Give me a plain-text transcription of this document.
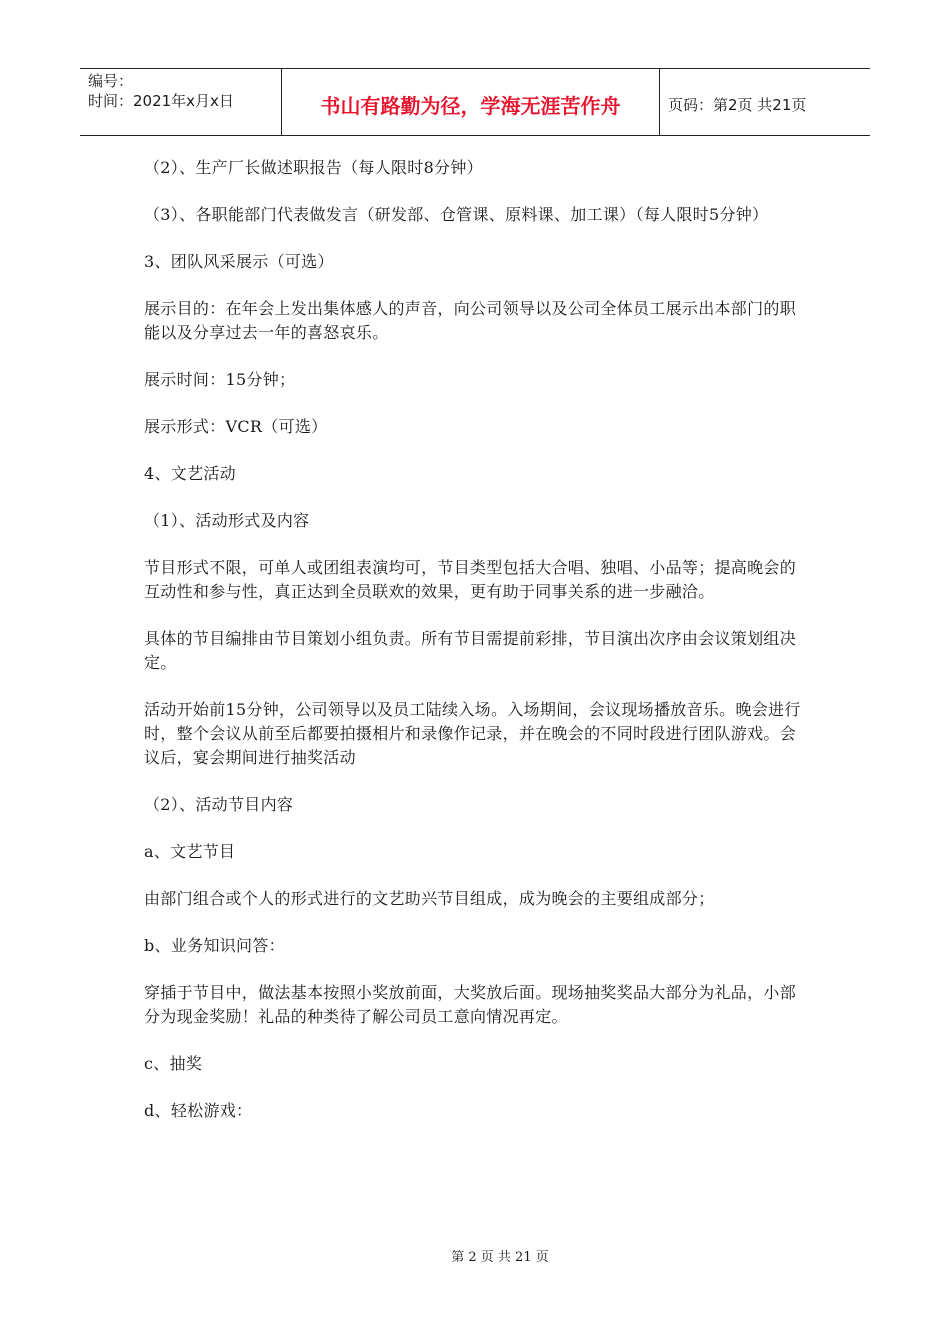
编号：
时间：2021年x月x日	书山有路勤为径，学海无涯苦作舟	页码：第2页 共21页

（2）、生产厂长做述职报告（每人限时8分钟）

（3）、各职能部门代表做发言（研发部、仓管课、原料课、加工课）（每人限时5分钟）

3、团队风采展示（可选）

展示目的：在年会上发出集体感人的声音，向公司领导以及公司全体员工展示出本部门的职能以及分享过去一年的喜怒哀乐。

展示时间：15分钟；

展示形式：VCR（可选）

4、文艺活动

（1）、活动形式及内容

节目形式不限，可单人或团组表演均可，节目类型包括大合唱、独唱、小品等；提高晚会的互动性和参与性，真正达到全员联欢的效果，更有助于同事关系的进一步融洽。

具体的节目编排由节目策划小组负责。所有节目需提前彩排，节目演出次序由会议策划组决定。

活动开始前15分钟，公司领导以及员工陆续入场。入场期间，会议现场播放音乐。晚会进行时，整个会议从前至后都要拍摄相片和录像作记录，并在晚会的不同时段进行团队游戏。会议后，宴会期间进行抽奖活动

（2）、活动节目内容

a、文艺节目

由部门组合或个人的形式进行的文艺助兴节目组成，成为晚会的主要组成部分；

b、业务知识问答：

穿插于节目中，做法基本按照小奖放前面，大奖放后面。现场抽奖奖品大部分为礼品，小部分为现金奖励！礼品的种类待了解公司员工意向情况再定。

c、抽奖

d、轻松游戏：

第 2 页 共 21 页
